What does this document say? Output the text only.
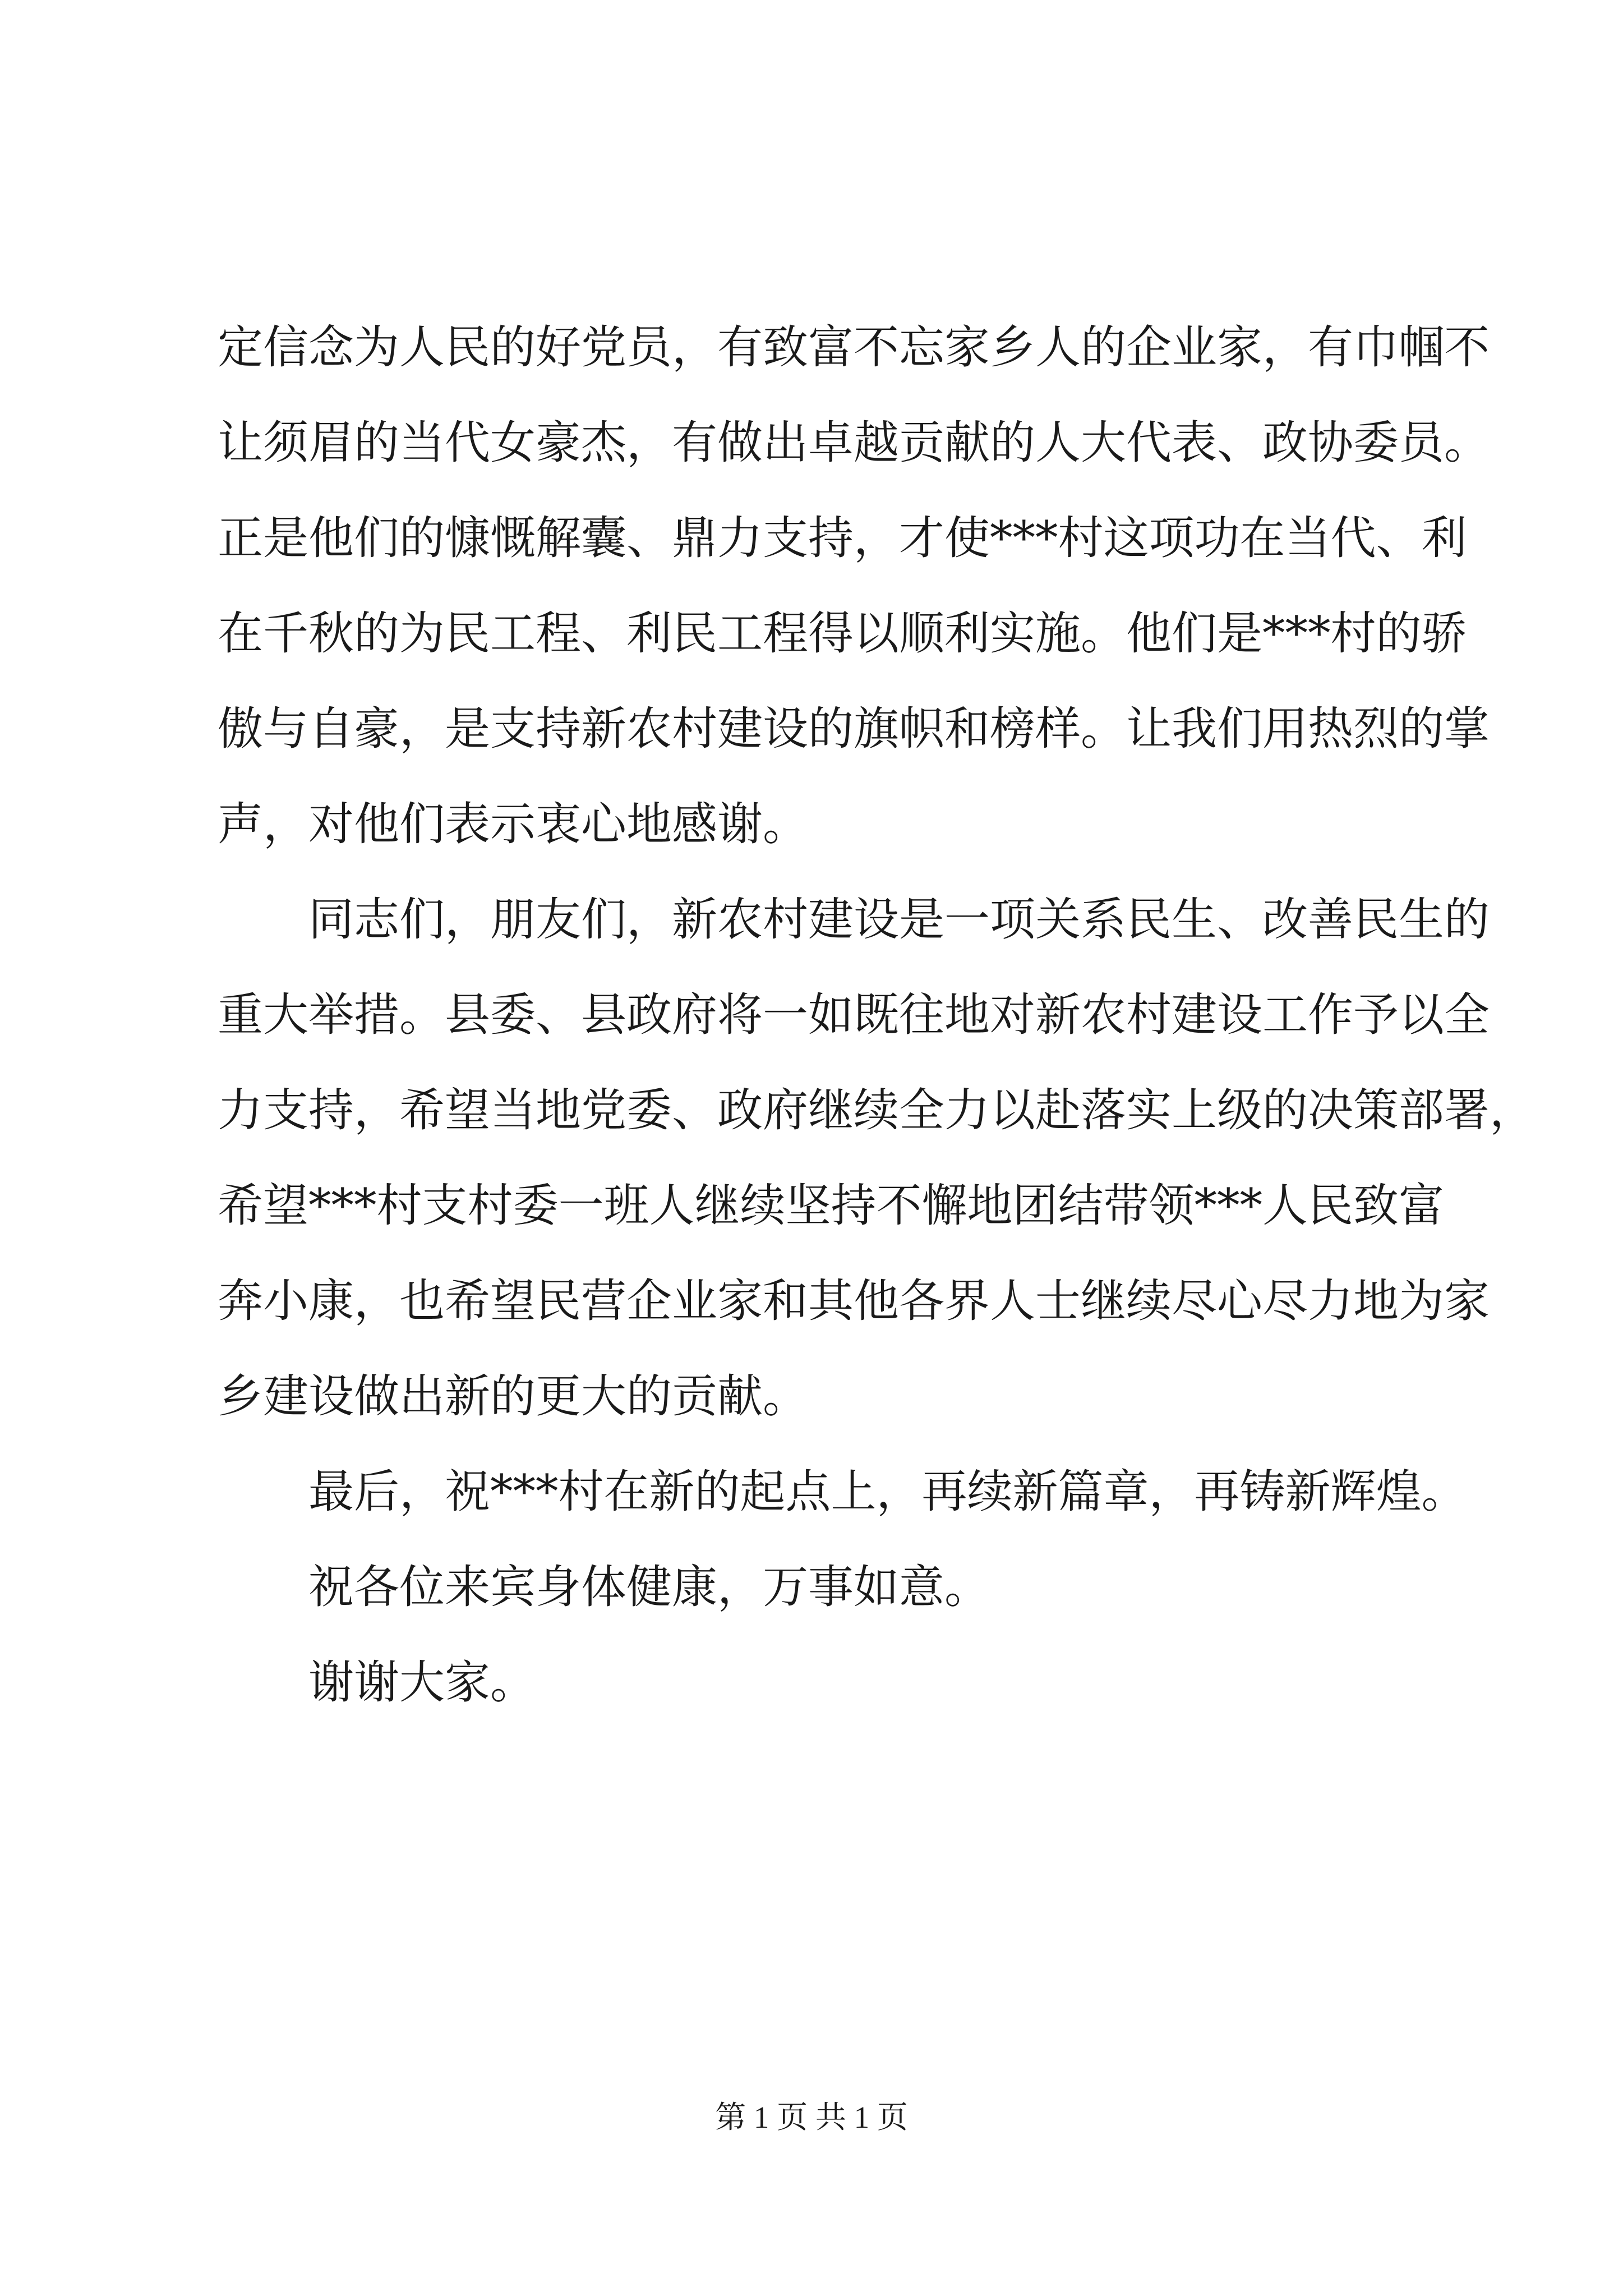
定信念为人民的好党员，有致富不忘家乡人的企业家，有巾帼不
让须眉的当代女豪杰，有做出卓越贡献的人大代表、政协委员。
正是他们的慷慨解囊、鼎力支持，才使***村这项功在当代、利
在千秋的为民工程、利民工程得以顺利实施。他们是***村的骄
傲与自豪，是支持新农村建设的旗帜和榜样。让我们用热烈的掌
声，对他们表示衷心地感谢。
同志们，朋友们，新农村建设是一项关系民生、改善民生的
重大举措。县委、县政府将一如既往地对新农村建设工作予以全
力支持，希望当地党委、政府继续全力以赴落实上级的决策部署，
希望***村支村委一班人继续坚持不懈地团结带领***人民致富
奔小康，也希望民营企业家和其他各界人士继续尽心尽力地为家
乡建设做出新的更大的贡献。
最后，祝***村在新的起点上，再续新篇章，再铸新辉煌。
祝各位来宾身体健康，万事如意。
谢谢大家。
第 1 页 共 1 页
